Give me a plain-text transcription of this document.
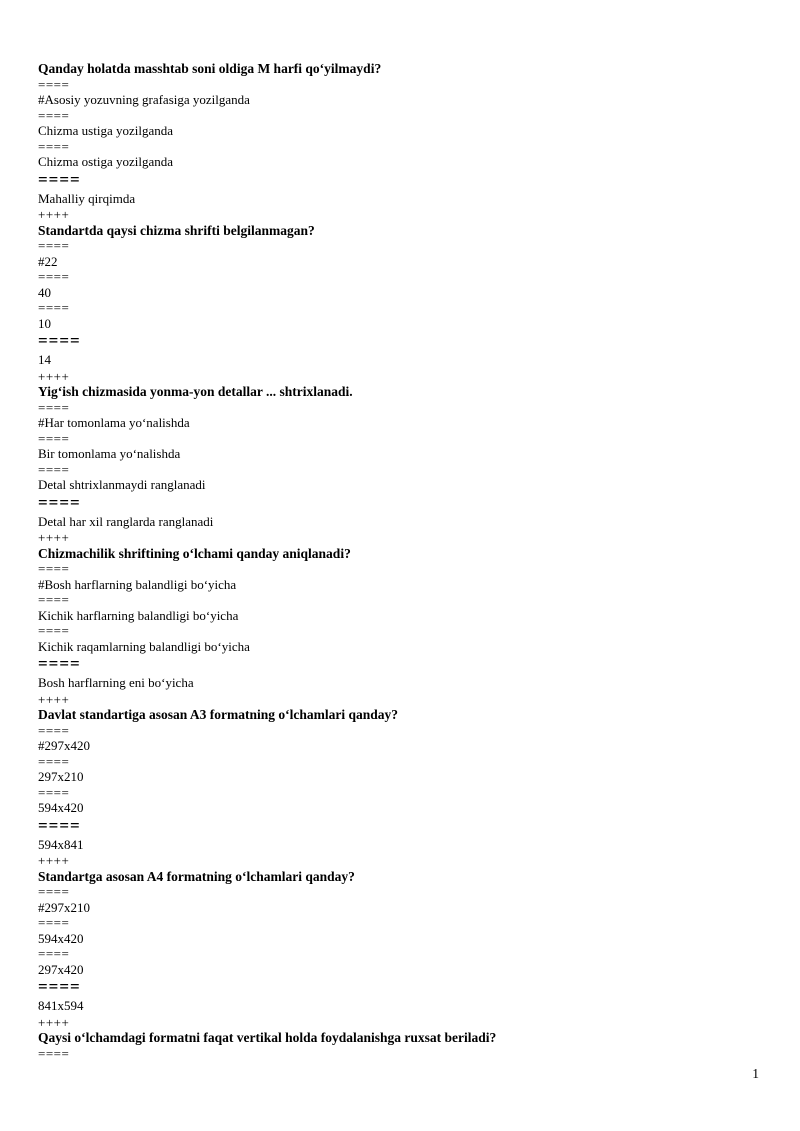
Qanday holatda masshtab soni oldiga M harfi qo‘yilmaydi?
====
#Asosiy yozuvning grafasiga yozilganda
====
Chizma ustiga yozilganda
====
Chizma ostiga yozilganda
====
Mahalliy qirqimda
++++
Standartda qaysi chizma shrifti belgilanmagan?
====
#22
====
40
====
10
====
14
++++
Yig‘ish chizmasida yonma-yon detallar ... shtrixlanadi.
====
#Har tomonlama yo‘nalishda
====
Bir tomonlama yo‘nalishda
====
Detal shtrixlanmaydi ranglanadi
====
Detal har xil ranglarda ranglanadi
++++
Chizmachilik shriftining o‘lchami qanday aniqlanadi?
====
#Bosh harflarning balandligi bo‘yicha
====
Kichik harflarning balandligi bo‘yicha
====
Kichik raqamlarning balandligi bo‘yicha
====
Bosh harflarning eni bo‘yicha
++++
Davlat standartiga asosan A3 formatning o‘lchamlari qanday?
====
#297x420
====
297x210
====
594x420
====
594x841
++++
Standartga asosan A4 formatning o‘lchamlari qanday?
====
#297x210
====
594x420
====
297x420
====
841x594
++++
Qaysi o‘lchamdagi formatni faqat vertikal holda foydalanishga ruxsat beriladi?
====
1
